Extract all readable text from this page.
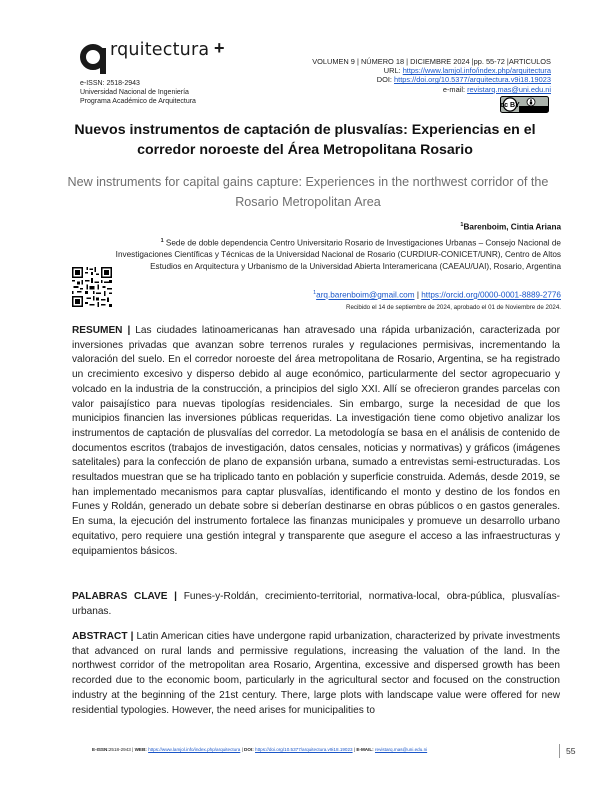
rquitectura +
e-ISSN: 2518-2943
Universidad Nacional de Ingeniería
Programa Académico de Arquitectura
VOLUMEN 9 | NÚMERO 18 | DICIEMBRE 2024 |pp. 55-72 |ARTICULOS
URL: https://www.lamjol.info/index.php/arquitectura
DOI: https://doi.org/10.5377/arquitectura.v9i18.19023
e-mail: revistarq.mas@uni.edu.ni
cc BY
Nuevos instrumentos de captación de plusvalías: Experiencias en el corredor noroeste del Área Metropolitana Rosario
New instruments for capital gains capture: Experiences in the northwest corridor of the Rosario Metropolitan Area
$^1$Barenboim, Cintia Ariana
$^1$ Sede de doble dependencia Centro Universitario Rosario de Investigaciones Urbanas – Consejo Nacional de Investigaciones Científicas y Técnicas de la Universidad Nacional de Rosario (CURDIUR-CONICET/UNR), Centro de Altos Estudios en Arquitectura y Urbanismo de la Universidad Abierta Interamericana (CAEAU/UAI), Rosario, Argentina
$^1$arq.barenboim@gmail.com | https://orcid.org/0000-0001-8889-2776
Recibido el 14 de septiembre de 2024, aprobado el 01 de Noviembre de 2024.
RESUMEN | Las ciudades latinoamericanas han atravesado una rápida urbanización, caracterizada por inversiones privadas que avanzan sobre terrenos rurales y regulaciones permisivas, incrementando la valoración del suelo. En el corredor noroeste del área metropolitana de Rosario, Argentina, se ha registrado un crecimiento excesivo y disperso debido al auge económico, particularmente del sector agropecuario y volcado en la industria de la construcción, a principios del siglo XXI. Allí se ofrecieron grandes parcelas con valor paisajístico para nuevas tipologías residenciales. Sin embargo, surge la necesidad de que los municipios financien las inversiones públicas requeridas. La investigación tiene como objetivo analizar los instrumentos de captación de plusvalías del corredor. La metodología se basa en el análisis de contenido de documentos escritos (trabajos de investigación, datos censales, noticias y normativas) y gráficos (imágenes satelitales) para la confección de plano de expansión urbana, sumado a entrevistas semi-estructuradas. Los resultados muestran que se ha triplicado tanto en población y superficie construida. Además, desde 2019, se han implementado mecanismos para captar plusvalías, identificando el monto y destino de los fondos en Funes y Roldán, generado un debate sobre si deberían destinarse en obras públicos o en gastos generales. En suma, la ejecución del instrumento fortalece las finanzas municipales y promueve un desarrollo urbano equitativo, pero requiere una gestión integral y transparente que asegure el acceso a las infraestructuras y equipamientos básicos.
PALABRAS CLAVE | Funes-y-Roldán, crecimiento-territorial, normativa-local, obra-pública, plusvalías-urbanas.
ABSTRACT | Latin American cities have undergone rapid urbanization, characterized by private investments that advanced on rural lands and permissive regulations, increasing the valuation of the land. In the northwest corridor of the metropolitan area Rosario, Argentina, excessive and dispersed growth has been recorded due to the economic boom, particularly in the agricultural sector and focused on the construction industry at the beginning of the 21st century. There, large plots with landscape value were offered for new residential typologies. However, the need arises for municipalities to
E-ISSN:2518-2943 | WEB: https://www.lamjol.info/index.php/arquitectura | DOI: https://doi.org/10.5377/arquitectura.v9i18.19023 | E-MAIL: revistarq.mas@uni.edu.ni	55
